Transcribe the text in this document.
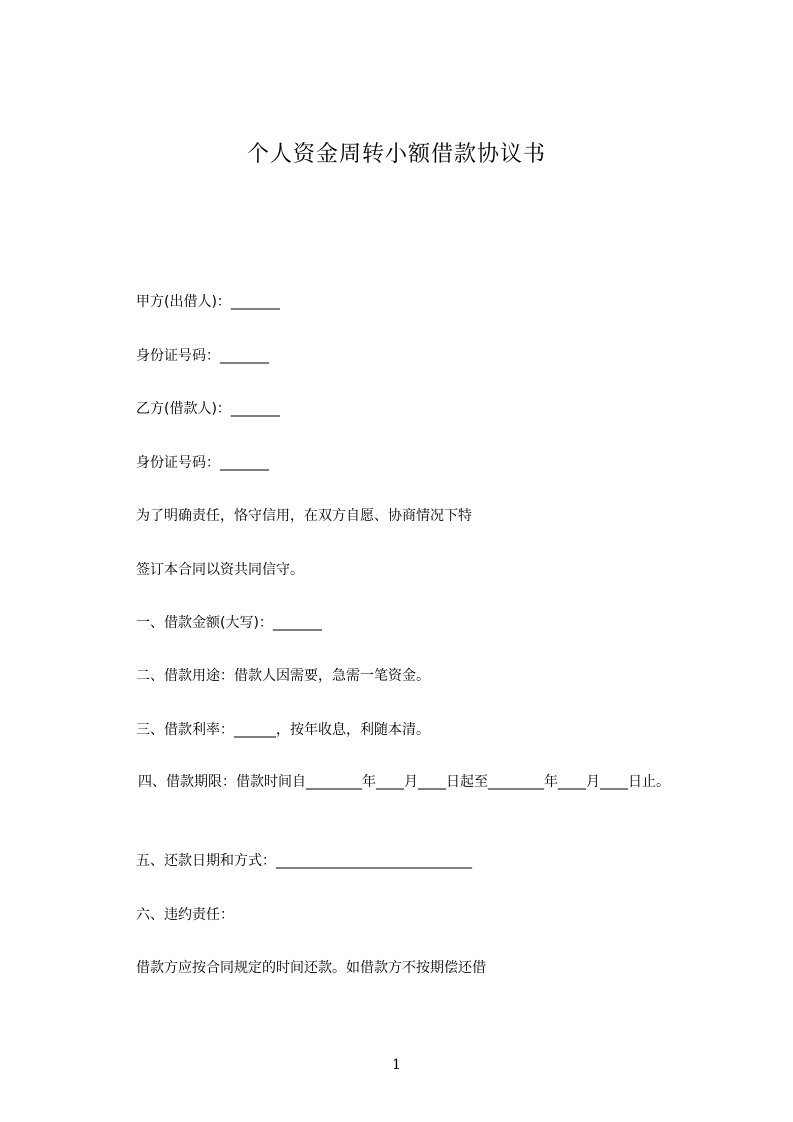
个人资金周转小额借款协议书
甲方(出借人)：_______
身份证号码：_______
乙方(借款人)：_______
身份证号码：_______
为了明确责任，恪守信用，在双方自愿、协商情况下特
签订本合同以资共同信守。
一、借款金额(大写)：_______
二、借款用途：借款人因需要，急需一笔资金。
三、借款利率：______，按年收息，利随本清。
四、借款期限：借款时间自________年____月____日起至________年____月____日止。
五、还款日期和方式：____________________________
六、违约责任：
借款方应按合同规定的时间还款。如借款方不按期偿还借
1
